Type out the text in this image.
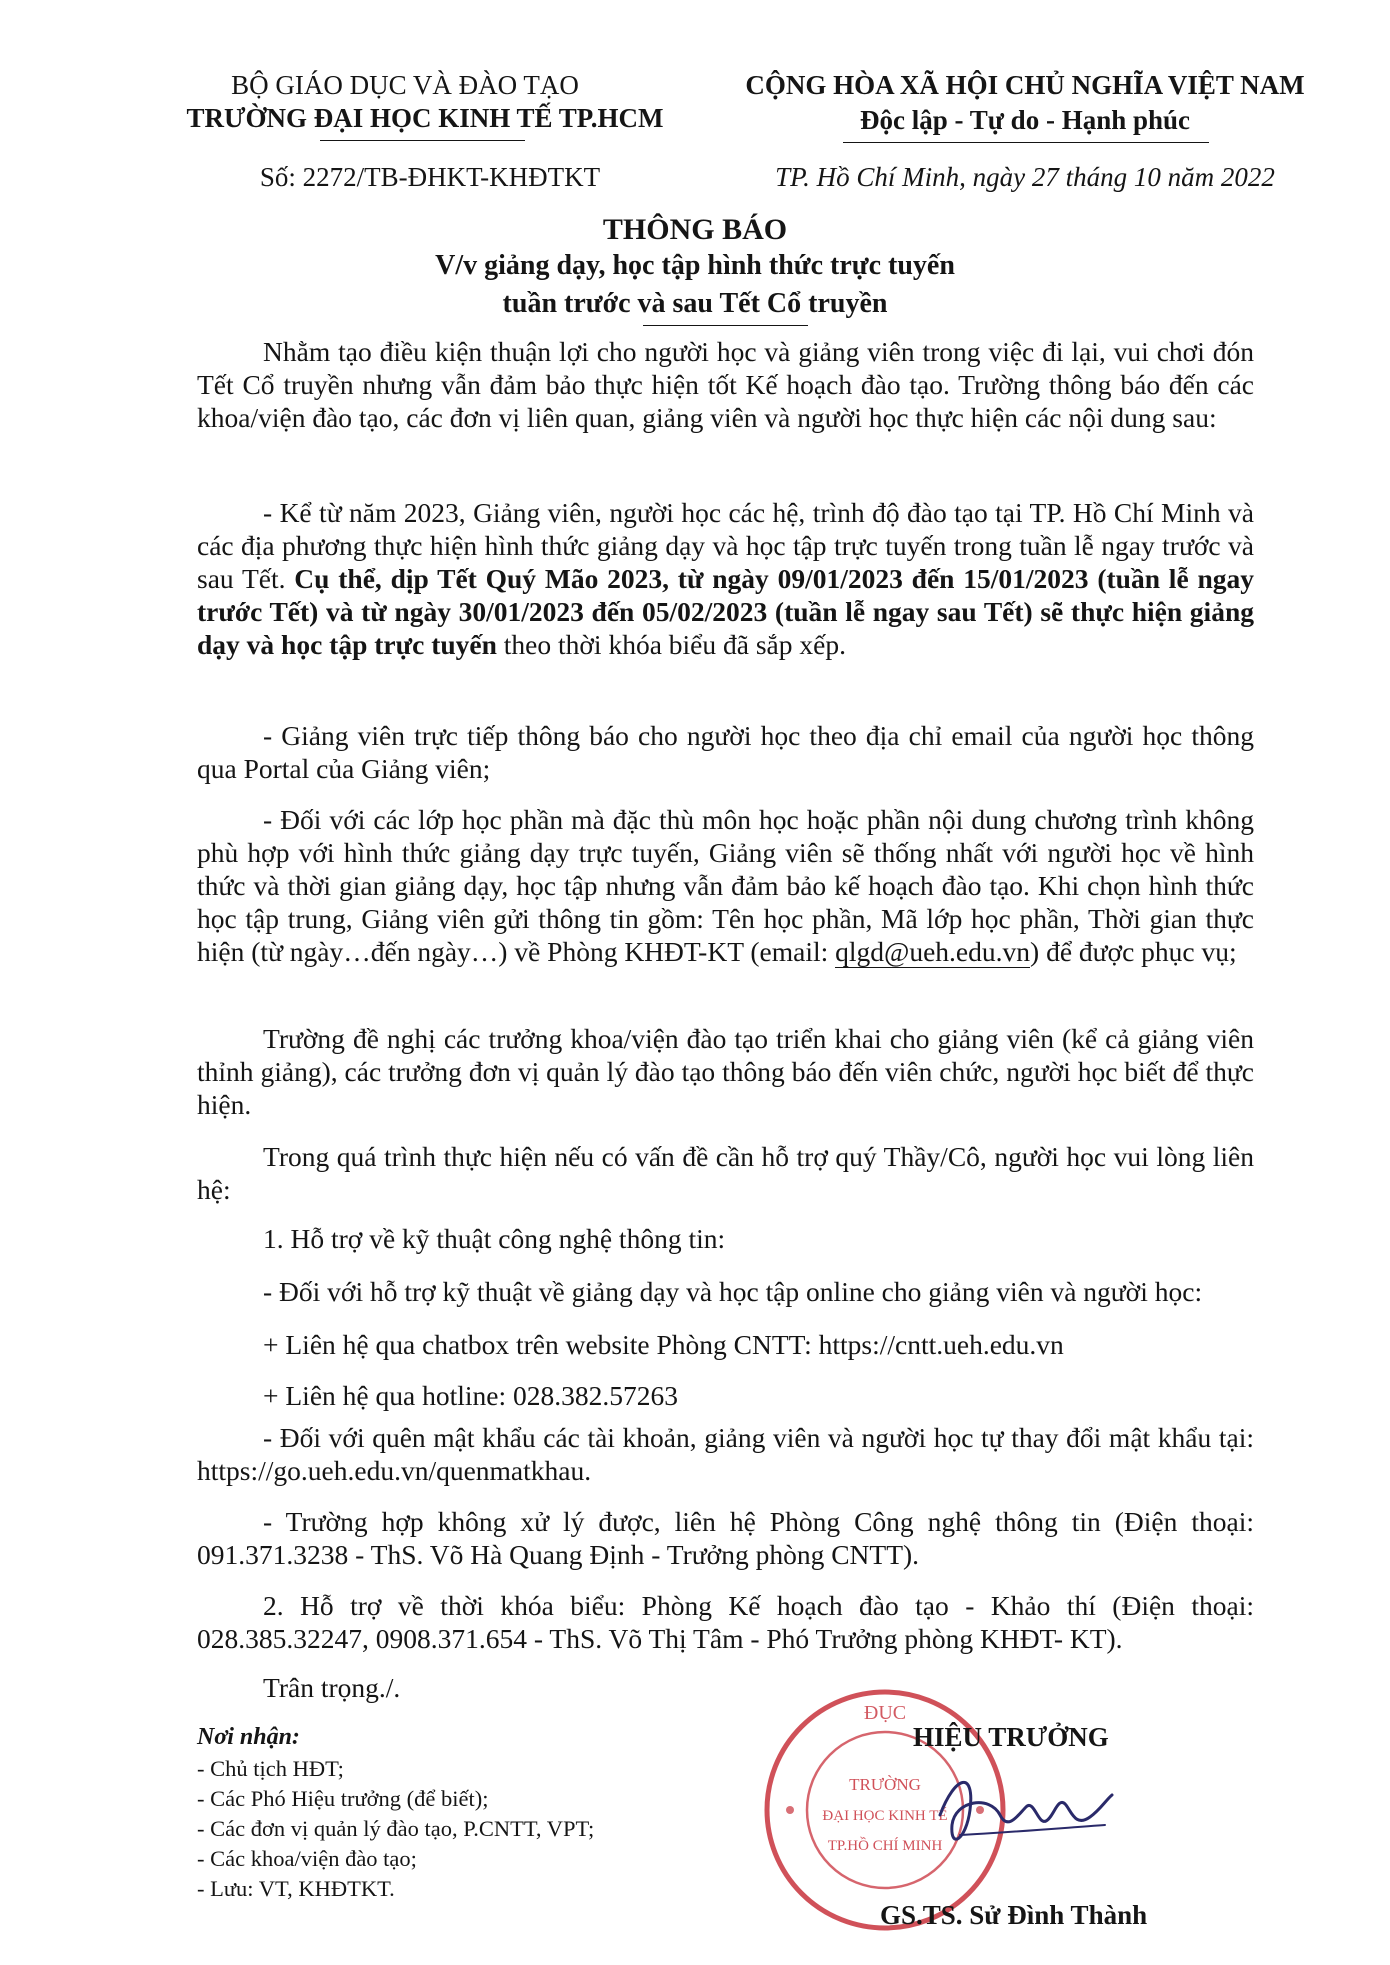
BỘ GIÁO DỤC VÀ ĐÀO TẠO
TRƯỜNG ĐẠI HỌC KINH TẾ TP.HCM
Số: 2272/TB-ĐHKT-KHĐTKT
CỘNG HÒA XÃ HỘI CHỦ NGHĨA VIỆT NAM
Độc lập - Tự do - Hạnh phúc
TP. Hồ Chí Minh, ngày 27 tháng 10 năm 2022
THÔNG BÁO
V/v giảng dạy, học tập hình thức trực tuyến
tuần trước và sau Tết Cổ truyền
Nhằm tạo điều kiện thuận lợi cho người học và giảng viên trong việc đi lại, vui chơi đón Tết Cổ truyền nhưng vẫn đảm bảo thực hiện tốt Kế hoạch đào tạo. Trường thông báo đến các khoa/viện đào tạo, các đơn vị liên quan, giảng viên và người học thực hiện các nội dung sau:
- Kể từ năm 2023, Giảng viên, người học các hệ, trình độ đào tạo tại TP. Hồ Chí Minh và các địa phương thực hiện hình thức giảng dạy và học tập trực tuyến trong tuần lễ ngay trước và sau Tết. Cụ thể, dịp Tết Quý Mão 2023, từ ngày 09/01/2023 đến 15/01/2023 (tuần lễ ngay trước Tết) và từ ngày 30/01/2023 đến 05/02/2023 (tuần lễ ngay sau Tết) sẽ thực hiện giảng dạy và học tập trực tuyến theo thời khóa biểu đã sắp xếp.
- Giảng viên trực tiếp thông báo cho người học theo địa chỉ email của người học thông qua Portal của Giảng viên;
- Đối với các lớp học phần mà đặc thù môn học hoặc phần nội dung chương trình không phù hợp với hình thức giảng dạy trực tuyến, Giảng viên sẽ thống nhất với người học về hình thức và thời gian giảng dạy, học tập nhưng vẫn đảm bảo kế hoạch đào tạo. Khi chọn hình thức học tập trung, Giảng viên gửi thông tin gồm: Tên học phần, Mã lớp học phần, Thời gian thực hiện (từ ngày…đến ngày…) về Phòng KHĐT-KT (email: qlgd@ueh.edu.vn) để được phục vụ;
Trường đề nghị các trưởng khoa/viện đào tạo triển khai cho giảng viên (kể cả giảng viên thỉnh giảng), các trưởng đơn vị quản lý đào tạo thông báo đến viên chức, người học biết để thực hiện.
Trong quá trình thực hiện nếu có vấn đề cần hỗ trợ quý Thầy/Cô, người học vui lòng liên hệ:
1. Hỗ trợ về kỹ thuật công nghệ thông tin:
- Đối với hỗ trợ kỹ thuật về giảng dạy và học tập online cho giảng viên và người học:
+ Liên hệ qua chatbox trên website Phòng CNTT: https://cntt.ueh.edu.vn
+ Liên hệ qua hotline: 028.382.57263
- Đối với quên mật khẩu các tài khoản, giảng viên và người học tự thay đổi mật khẩu tại: https://go.ueh.edu.vn/quenmatkhau.
- Trường hợp không xử lý được, liên hệ Phòng Công nghệ thông tin (Điện thoại: 091.371.3238 - ThS. Võ Hà Quang Định - Trưởng phòng CNTT).
2. Hỗ trợ về thời khóa biểu: Phòng Kế hoạch đào tạo - Khảo thí (Điện thoại: 028.385.32247, 0908.371.654 - ThS. Võ Thị Tâm - Phó Trưởng phòng KHĐT- KT).
Trân trọng./.
Nơi nhận:
- Chủ tịch HĐT;
- Các Phó Hiệu trưởng (để biết);
- Các đơn vị quản lý đào tạo, P.CNTT, VPT;
- Các khoa/viện đào tạo;
- Lưu: VT, KHĐTKT.
ĐỤC
TRƯỜNG
ĐẠI HỌC KINH TẾ
TP.HỒ CHÍ MINH
HIỆU TRƯỞNG
GS.TS. Sử Đình Thành
